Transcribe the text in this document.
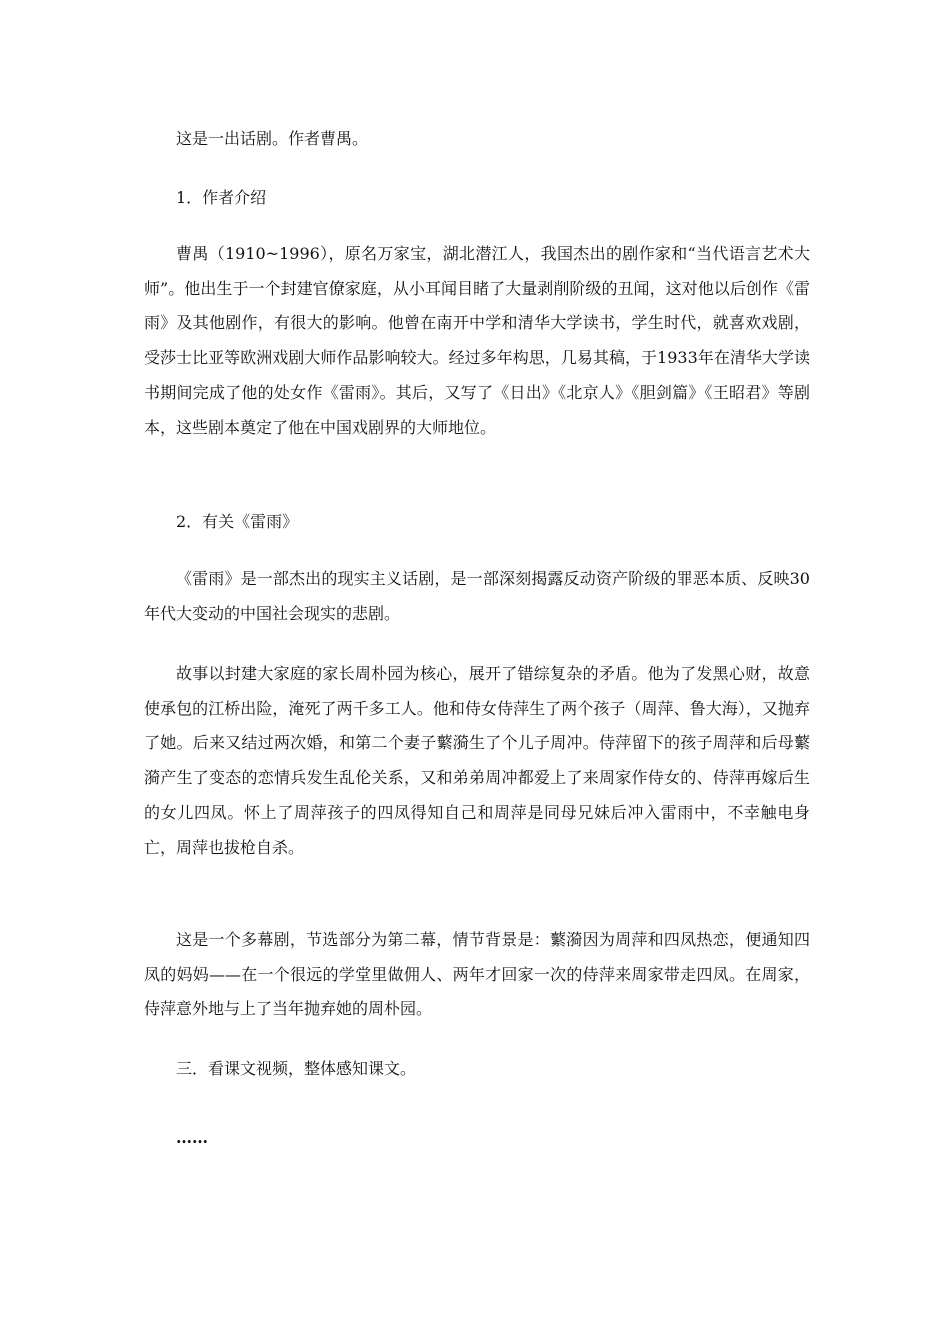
这是一出话剧。作者曹禺。

1．作者介绍

曹禺（1910~1996），原名万家宝，湖北潜江人，我国杰出的剧作家和“当代语言艺术大师”。他出生于一个封建官僚家庭，从小耳闻目睹了大量剥削阶级的丑闻，这对他以后创作《雷雨》及其他剧作，有很大的影响。他曾在南开中学和清华大学读书，学生时代，就喜欢戏剧，受莎士比亚等欧洲戏剧大师作品影响较大。经过多年构思，几易其稿，于1933年在清华大学读书期间完成了他的处女作《雷雨》。其后，又写了《日出》《北京人》《胆剑篇》《王昭君》等剧本，这些剧本奠定了他在中国戏剧界的大师地位。

2．有关《雷雨》

《雷雨》是一部杰出的现实主义话剧，是一部深刻揭露反动资产阶级的罪恶本质、反映30年代大变动的中国社会现实的悲剧。

故事以封建大家庭的家长周朴园为核心，展开了错综复杂的矛盾。他为了发黑心财，故意使承包的江桥出险，淹死了两千多工人。他和侍女侍萍生了两个孩子（周萍、鲁大海），又抛弃了她。后来又结过两次婚，和第二个妻子蘩漪生了个儿子周冲。侍萍留下的孩子周萍和后母蘩漪产生了变态的恋情兵发生乱伦关系，又和弟弟周冲都爱上了来周家作侍女的、侍萍再嫁后生的女儿四凤。怀上了周萍孩子的四凤得知自己和周萍是同母兄妹后冲入雷雨中，不幸触电身亡，周萍也拔枪自杀。

这是一个多幕剧，节选部分为第二幕，情节背景是：蘩漪因为周萍和四凤热恋，便通知四凤的妈妈——在一个很远的学堂里做佣人、两年才回家一次的侍萍来周家带走四凤。在周家，侍萍意外地与上了当年抛弃她的周朴园。

三．看课文视频，整体感知课文。

……
